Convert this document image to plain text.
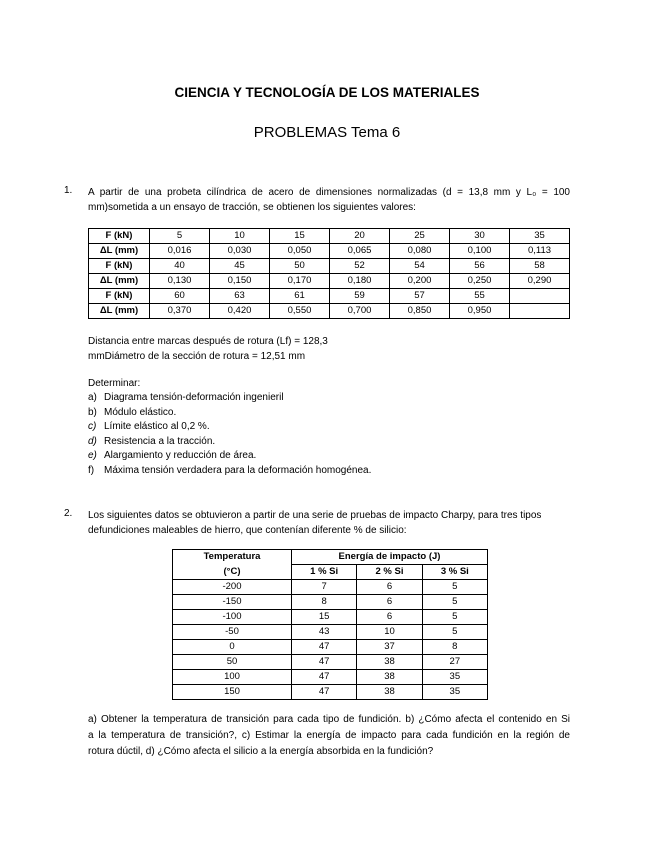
CIENCIA Y TECNOLOGÍA DE LOS MATERIALES
PROBLEMAS Tema 6
1. A partir de una probeta cilíndrica de acero de dimensiones normalizadas (d = 13,8 mm y L₀ = 100
mm)sometida a un ensayo de tracción, se obtienen los siguientes valores:
F (kN)	5	10	15	20	25	30	35
ΔL (mm)	0,016	0,030	0,050	0,065	0,080	0,100	0,113
F (kN)	40	45	50	52	54	56	58
ΔL (mm)	0,130	0,150	0,170	0,180	0,200	0,250	0,290
F (kN)	60	63	61	59	57	55	
ΔL (mm)	0,370	0,420	0,550	0,700	0,850	0,950	
Distancia entre marcas después de rotura (Lf) = 128,3
mmDiámetro de la sección de rotura = 12,51 mm
Determinar:
a) Diagrama tensión-deformación ingenieril
b) Módulo elástico.
c) Límite elástico al 0,2 %.
d) Resistencia a la tracción.
e) Alargamiento y reducción de área.
f) Máxima tensión verdadera para la deformación homogénea.
2. Los siguientes datos se obtuvieron a partir de una serie de pruebas de impacto Charpy, para tres tipos
defundiciones maleables de hierro, que contenían diferente % de silicio:
Temperatura	Energía de impacto (J)		
(°C)	1 % Si	2 % Si	3 % Si
-200	7	6	5
-150	8	6	5
-100	15	6	5
-50	43	10	5
0	47	37	8
50	47	38	27
100	47	38	35
150	47	38	35
a) Obtener la temperatura de transición para cada tipo de fundición. b) ¿Cómo afecta el contenido en Si
a la temperatura de transición?, c) Estimar la energía de impacto para cada fundición en la región de
rotura dúctil, d) ¿Cómo afecta el silicio a la energía absorbida en la fundición?
